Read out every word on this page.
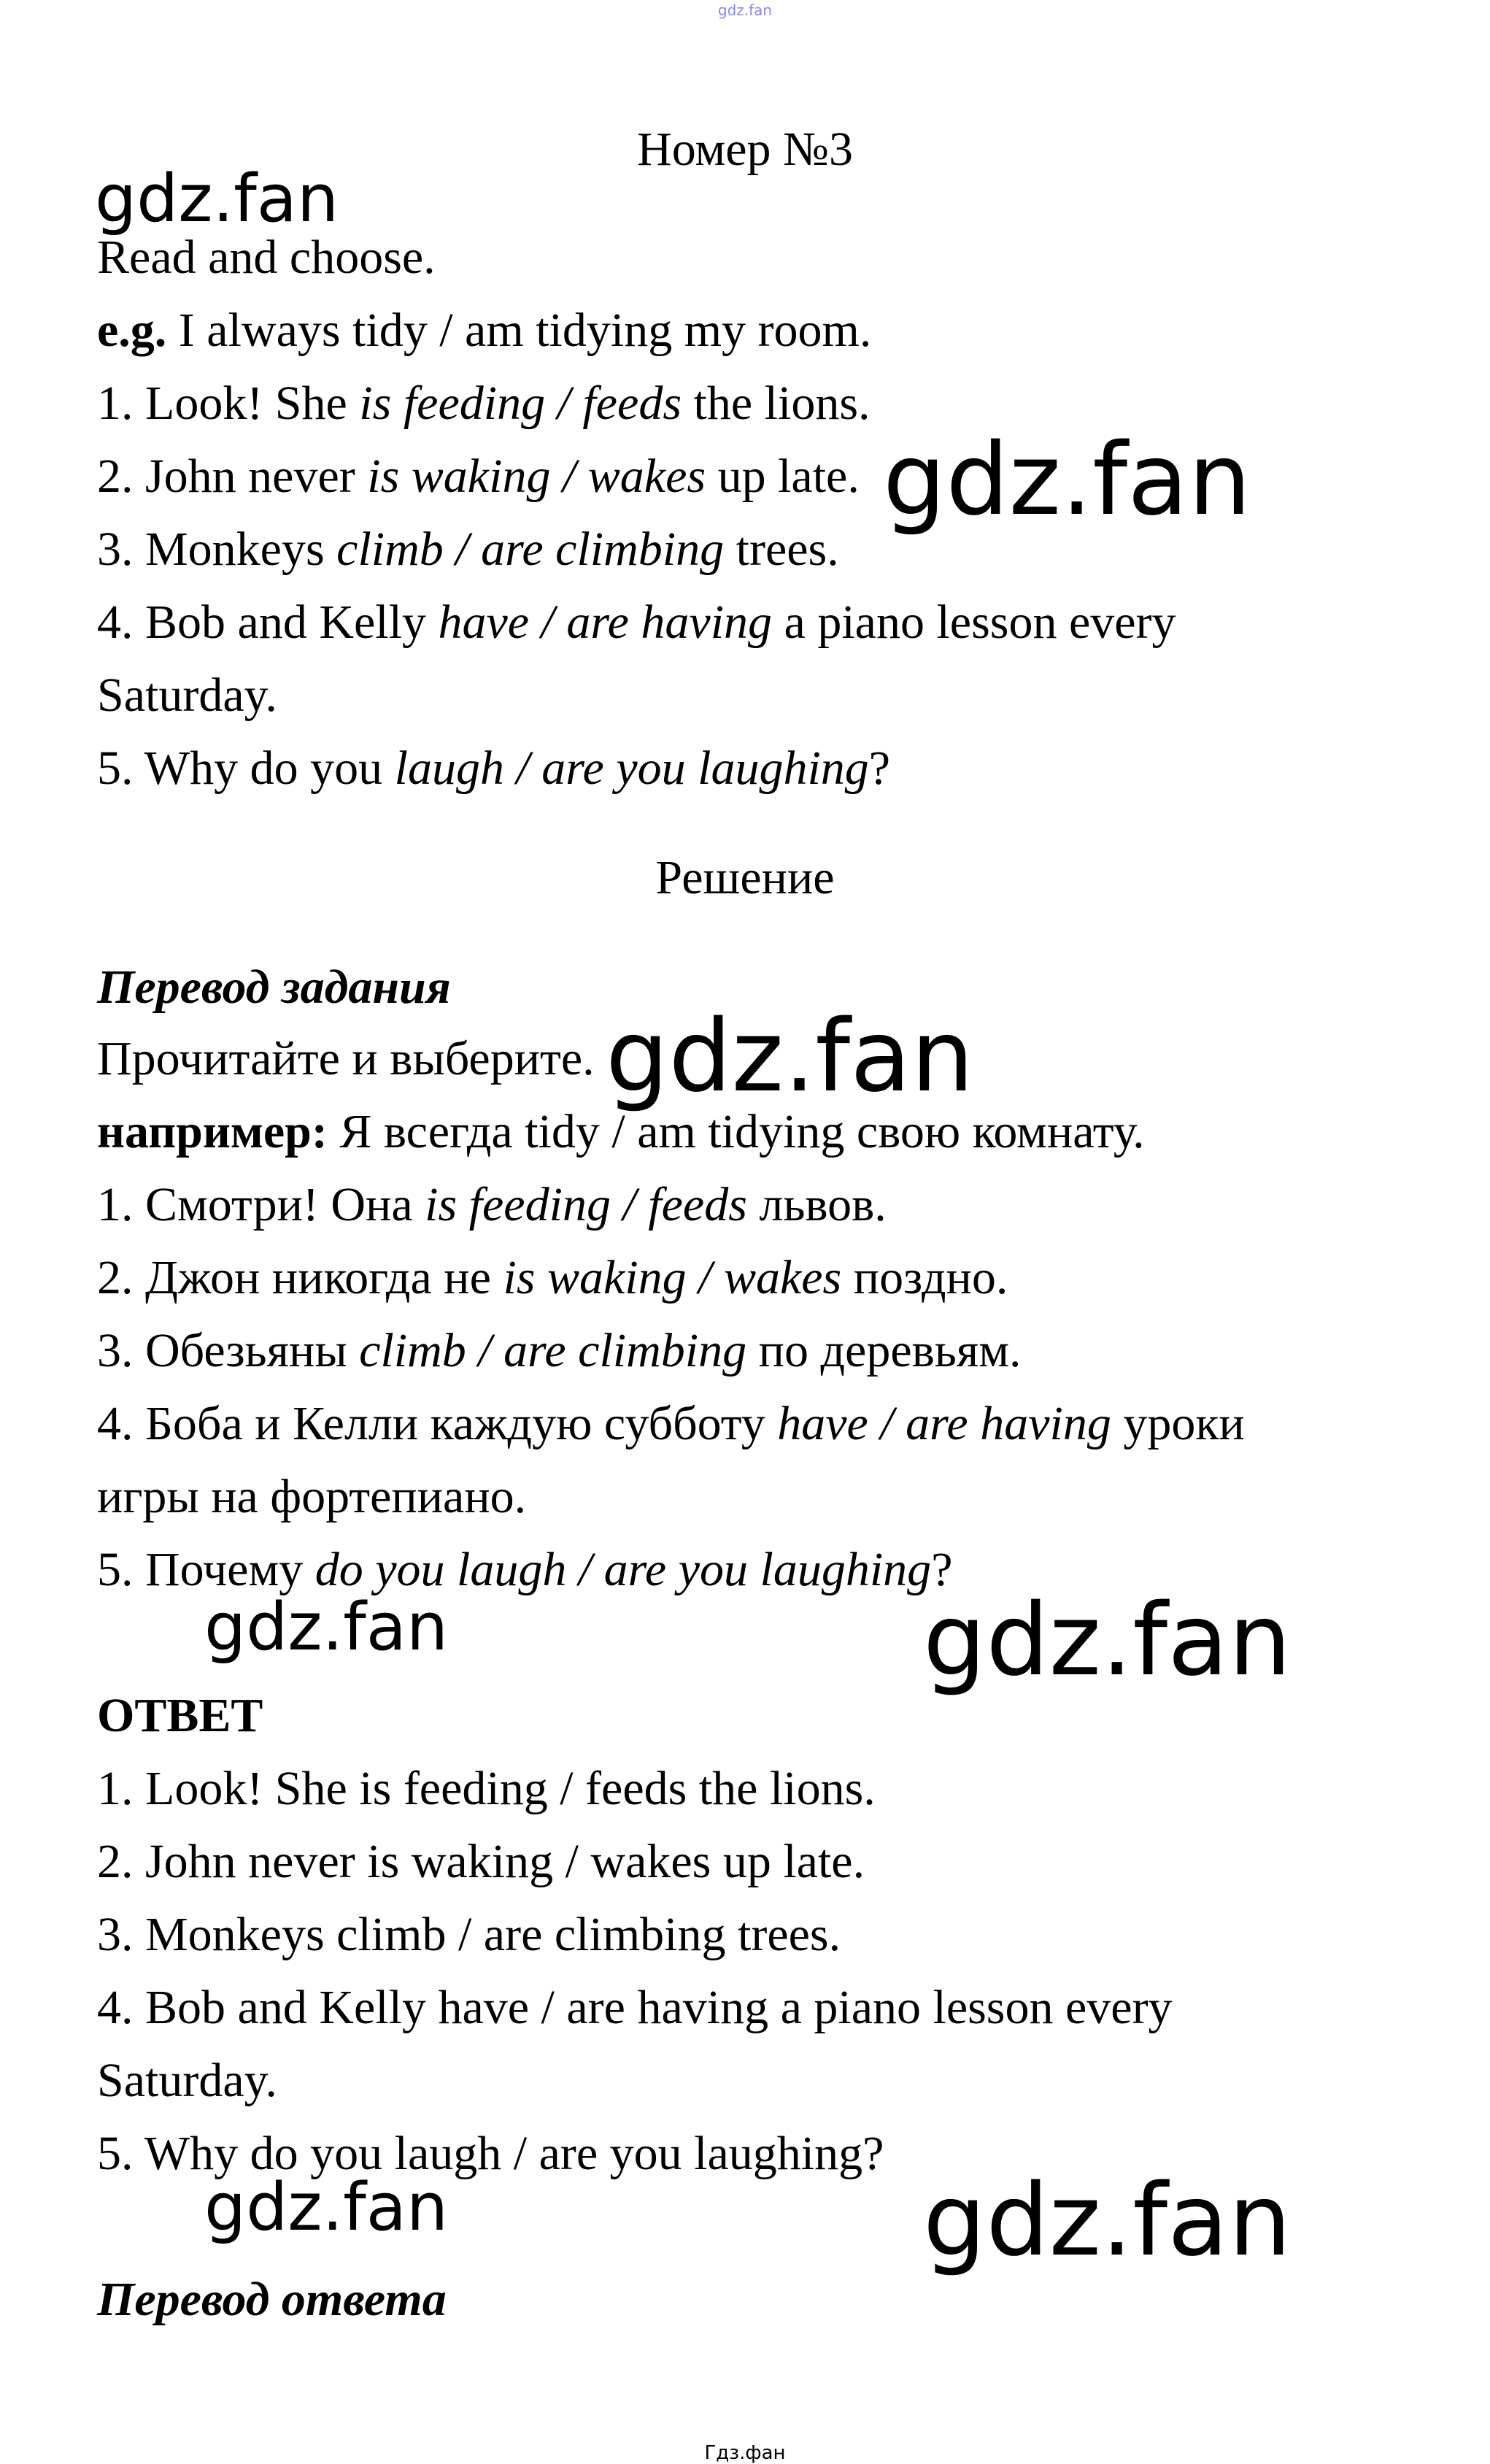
gdz.fan
Номер №3
gdz.fan
Read and choose.
e.g. I always tidy / am tidying my room.
1. Look! She is feeding / feeds the lions.
2. John never is waking / wakes up late.
3. Monkeys climb / are climbing trees.
4. Bob and Kelly have / are having a piano lesson every
Saturday.
5. Why do you laugh / are you laughing?
gdz.fan
Решение
Перевод задания
Прочитайте и выберите. gdz.fan
например: Я всегда tidy / am tidying свою комнату.
1. Смотри! Она is feeding / feeds львов.
2. Джон никогда не is waking / wakes поздно.
3. Обезьяны climb / are climbing по деревьям.
4. Боба и Келли каждую субботу have / are having уроки
игры на фортепиано.
5. Почему do you laugh / are you laughing?
gdz.fan	gdz.fan
ОТВЕТ
1. Look! She is feeding / feeds the lions.
2. John never is waking / wakes up late.
3. Monkeys climb / are climbing trees.
4. Bob and Kelly have / are having a piano lesson every
Saturday.
5. Why do you laugh / are you laughing?
gdz.fan	gdz.fan
Перевод ответа
Гдз.фан
